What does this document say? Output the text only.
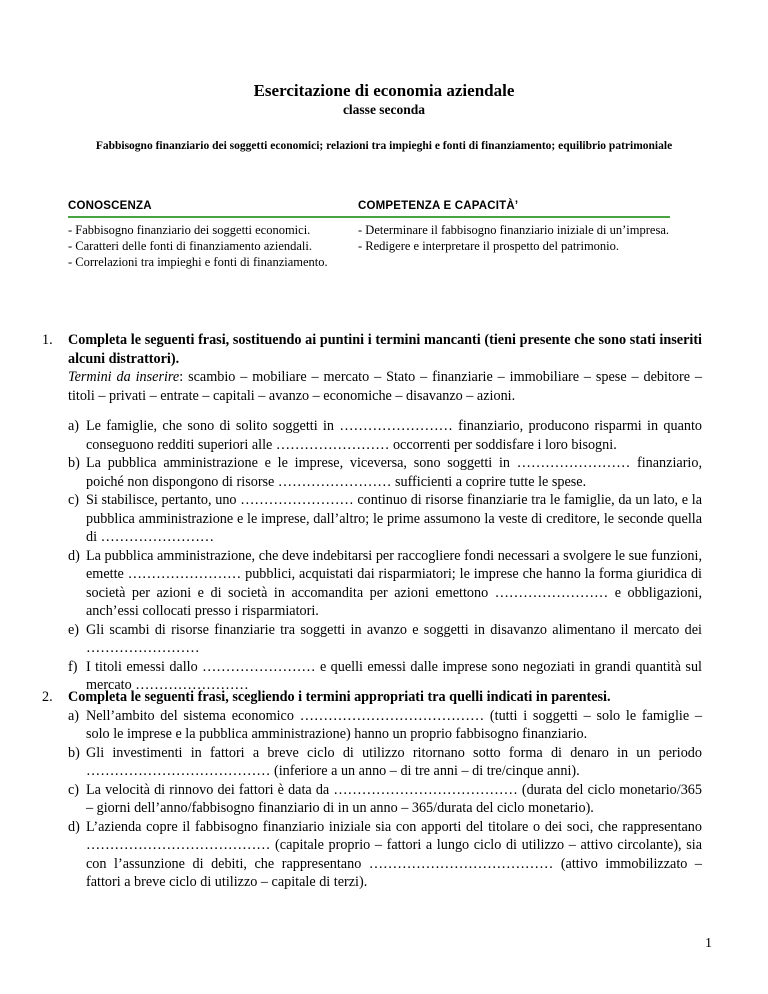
Esercitazione di economia aziendale
classe seconda
Fabbisogno finanziario dei soggetti economici; relazioni tra impieghi e fonti di finanziamento; equilibrio patrimoniale
CONOSCENZA

- Fabbisogno finanziario dei soggetti economici.

- Caratteri delle fonti di finanziamento aziendali.

- Correlazioni tra impieghi e fonti di finanziamento.

COMPETENZA E CAPACITÀ’

- Determinare il fabbisogno finanziario iniziale di un’impresa.

- Redigere e interpretare il prospetto del patrimonio.

1. Completa le seguenti frasi, sostituendo ai puntini i termini mancanti (tieni presente che sono stati inseriti alcuni distrattori).
Termini da inserire: scambio – mobiliare – mercato – Stato – finanziarie – immobiliare – spese – debitore – titoli – privati – entrate – capitali – avanzo – economiche – disavanzo – azioni.

a) Le famiglie, che sono di solito soggetti in …………………… finanziario, producono risparmi in quanto conseguono redditi superiori alle …………………… occorrenti per soddisfare i loro bisogni.

b) La pubblica amministrazione e le imprese, viceversa, sono soggetti in …………………… finanziario, poiché non dispongono di risorse …………………… sufficienti a coprire tutte le spese.

c) Si stabilisce, pertanto, uno …………………… continuo di risorse finanziarie tra le famiglie, da un lato, e la pubblica amministrazione e le imprese, dall’altro; le prime assumono la veste di creditore, le seconde quella di ……………………

d) La pubblica amministrazione, che deve indebitarsi per raccogliere fondi necessari a svolgere le sue funzioni, emette …………………… pubblici, acquistati dai risparmiatori; le imprese che hanno la forma giuridica di società per azioni e di società in accomandita per azioni emettono …………………… e obbligazioni, anch’essi collocati presso i risparmiatori.

e) Gli scambi di risorse finanziarie tra soggetti in avanzo e soggetti in disavanzo alimentano il mercato dei ……………………

f) I titoli emessi dallo …………………… e quelli emessi dalle imprese sono negoziati in grandi quantità sul mercato ……………………

2. Completa le seguenti frasi, scegliendo i termini appropriati tra quelli indicati in parentesi.

a) Nell’ambito del sistema economico ………………………………… (tutti i soggetti – solo le famiglie – solo le imprese e la pubblica amministrazione) hanno un proprio fabbisogno finanziario.

b) Gli investimenti in fattori a breve ciclo di utilizzo ritornano sotto forma di denaro in un periodo ………………………………… (inferiore a un anno – di tre anni – di tre/cinque anni).

c) La velocità di rinnovo dei fattori è data da ………………………………… (durata del ciclo monetario/365 – giorni dell’anno/fabbisogno finanziario di in un anno – 365/durata del ciclo monetario).

d) L’azienda copre il fabbisogno finanziario iniziale sia con apporti del titolare o dei soci, che rappresentano ………………………………… (capitale proprio – fattori a lungo ciclo di utilizzo – attivo circolante), sia con l’assunzione di debiti, che rappresentano ………………………………… (attivo immobilizzato – fattori a breve ciclo di utilizzo – capitale di terzi).

1
